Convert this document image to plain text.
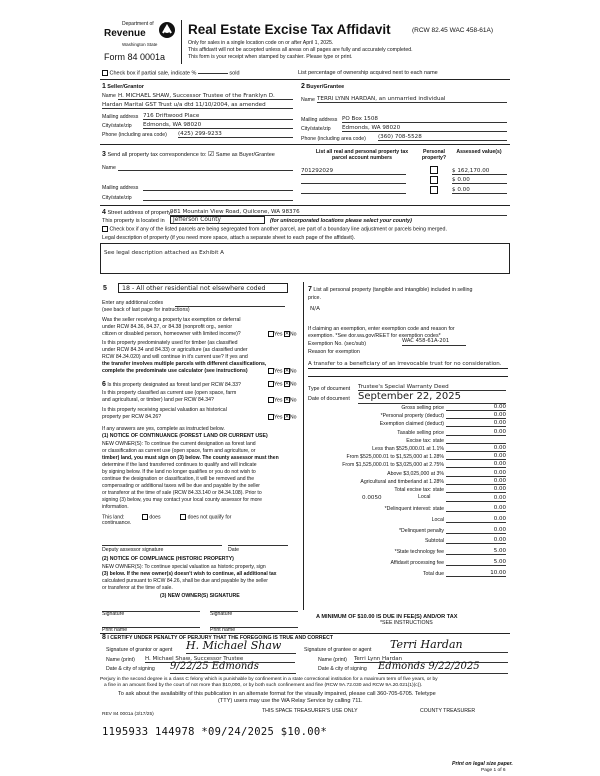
Department of
Revenue
Washington State
Form 84 0001a
Real Estate Excise Tax Affidavit	(RCW 82.45 WAC 458-61A)
Only for sales in a single location code on or after April 1, 2025.
This affidavit will not be accepted unless all areas on all pages are fully and accurately completed.
This form is your receipt when stamped by cashier. Please type or print.
Check box if partial sale, indicate %	sold	List percentage of ownership acquired next to each name
1 Seller/Grantor
Name H. MICHAEL SHAW, Successor Trustee of the Franklyn D.
Hardan Marital GST Trust u/a dtd 11/10/2004, as amended
Mailing address 716 Driftwood Place
City/state/zip Edmonds, WA 98020
Phone (including area code) (425) 299-9233
2 Buyer/Grantee
Name TERRI LYNN HARDAN, an unmarried individual
Mailing address PO Box 1508
City/state/zip Edmonds, WA 98020
Phone (including area code) (360) 708-5528
3 Send all property tax correspondence to: ☑ Same as Buyer/Grantee
Name
Mailing address
City/state/zip
List all real and personal property tax parcel account numbers
Personal property?
Assessed value(s)
701292029	$ 162,170.00
$ 0.00
$ 0.00
4 Street address of property:
981 Mountain View Road, Quilcene, WA 98376
This property is located in	Jefferson County	(for unincorporated locations please select your county)
Check box if any of the listed parcels are being segregated from another parcel, are part of a boundary line adjustment or parcels being merged.
Legal description of property (if you need more space, attach a separate sheet to each page of the affidavit).
See legal description attached as Exhibit A
5	18 - All other residential not elsewhere coded
Enter any additional codes
(see back of last page for instructions)
Was the seller receiving a property tax exemption or deferral
under RCW 84.36, 84.37, or 84.38 (nonprofit org., senior
citizen or disabled person, homeowner with limited income)?	Yes ✕No
Is this property predominately used for timber (as classified
under RCW 84.34 and 84.33) or agriculture (as classified under
RCW 84.34.020) and will continue in it's current use? If yes and
the transfer involves multiple parcels with different classifications,
complete the predominate use calculator (see instructions)	Yes ✕No
6 Is this property designated as forest land per RCW 84.33?	Yes ✕No
Is this property classified as current use (open space, farm
and agricultural, or timber) land per RCW 84.34?	Yes ✕No
Is this property receiving special valuation as historical
property per RCW 84.26?	Yes ✕No
If any answers are yes, complete as instructed below.
(1) NOTICE OF CONTINUANCE (FOREST LAND OR CURRENT USE)
NEW OWNER(S): To continue the current designation as forest land
or classification as current use (open space, farm and agriculture, or
timber) land, you must sign on (3) below. The county assessor must then
determine if the land transferred continues to qualify and will indicate
by signing below. If the land no longer qualifies or you do not wish to
continue the designation or classification, it will be removed and the
compensating or additional taxes will be due and payable by the seller
or transferor at the time of sale (RCW 84.33.140 or 84.34.108). Prior to
signing (3) below, you may contact your local county assessor for more
information.
This land:	does	does not qualify for
continuance.
Deputy assessor signature	Date
(2) NOTICE OF COMPLIANCE (HISTORIC PROPERTY)
NEW OWNER(S): To continue special valuation as historic property, sign
(3) below. If the new owner(s) doesn't wish to continue, all additional tax
calculated pursuant to RCW 84.26, shall be due and payable by the seller
or transferor at the time of sale.
(3) NEW OWNER(S) SIGNATURE
Signature	Signature
Print name	Print name
7 List all personal property (tangible and intangible) included in selling
price.
N/A
If claiming an exemption, enter exemption code and reason for
exemption. *See dor.wa.gov/REET for exemption codes*
Exemption No. (sec/sub)	WAC 458-61A-201
Reason for exemption
A transfer to a beneficiary of an irrevocable trust for no consideration.
Type of document Trustee's Special Warranty Deed
Date of document September 22, 2025
Gross selling price	0.00
*Personal property (deduct)	0.00
Exemption claimed (deduct)	0.00
Taxable selling price	0.00
Excise tax: state
Less than $525,000.01 at 1.1%	0.00
From $525,000.01 to $1,525,000 at 1.28%	0.00
From $1,525,000.01 to $3,025,000 at 2.75%	0.00
Above $3,025,000 at 3%	0.00
Agricultural and timberland at 1.28%	0.00
Total excise tax: state	0.00
0.0050	Local	0.00
*Delinquent interest: state	0.00
Local	0.00
*Delinquent penalty	0.00
Subtotal	0.00
*State technology fee	5.00
Affidavit processing fee	5.00
Total due	10.00
A MINIMUM OF $10.00 IS DUE IN FEE(S) AND/OR TAX
*SEE INSTRUCTIONS
8 I CERTIFY UNDER PENALTY OF PERJURY THAT THE FOREGOING IS TRUE AND CORRECT
Signature of grantor or agent H. Michael Shaw
Name (print) H. Michael Shaw, Successor Trustee
Date & city of signing 9/22/25 Edmonds
Signature of grantee or agent Terri Hardan
Name (print) Terri Lynn Hardan
Date & city of signing Edmonds 9/22/2025
Perjury in the second degree is a class C felony which is punishable by confinement in a state correctional institution for a maximum term of five years, or by
a fine in an amount fixed by the court of not more than $10,000, or by both such confinement and fine (RCW 9A.72.030 and RCW 9A.20.021(1)(c)).
To ask about the availability of this publication in an alternate format for the visually impaired, please call 360-705-6705. Teletype
(TTY) users may use the WA Relay Service by calling 711.
REV 84 0001a (3/17/25)
THIS SPACE TREASURER'S USE ONLY	COUNTY TREASURER
1195933 144978 *09/24/2025 $10.00*
Print on legal size paper.
Page 1 of 6
